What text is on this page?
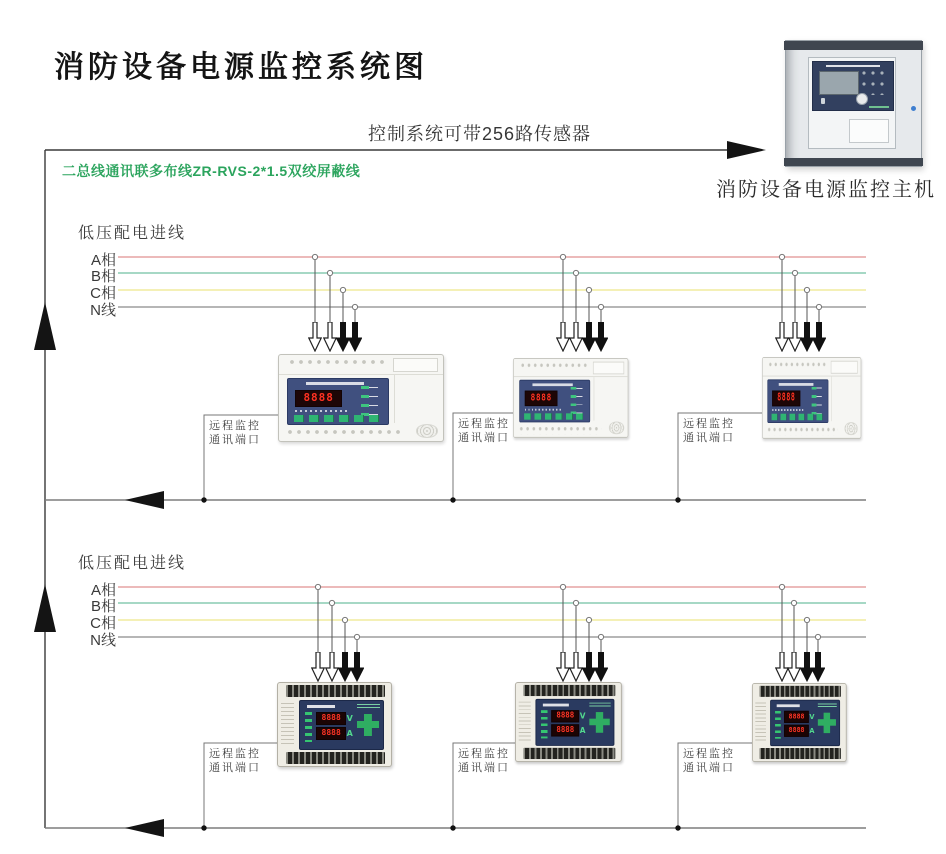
消防设备电源监控系统图
控制系统可带256路传感器
二总线通讯联多布线ZR-RVS-2*1.5双绞屏蔽线
消防设备电源监控主机
低压配电进线
A相
B相
C相
N线
低压配电进线
A相
B相
C相
N线
远程监控
通讯端口
远程监控
通讯端口
远程监控
通讯端口
远程监控
通讯端口
远程监控
通讯端口
远程监控
通讯端口
8888	8888	8888
8888 V
8888 A
8888 V
8888 A
8888 V
8888 A
